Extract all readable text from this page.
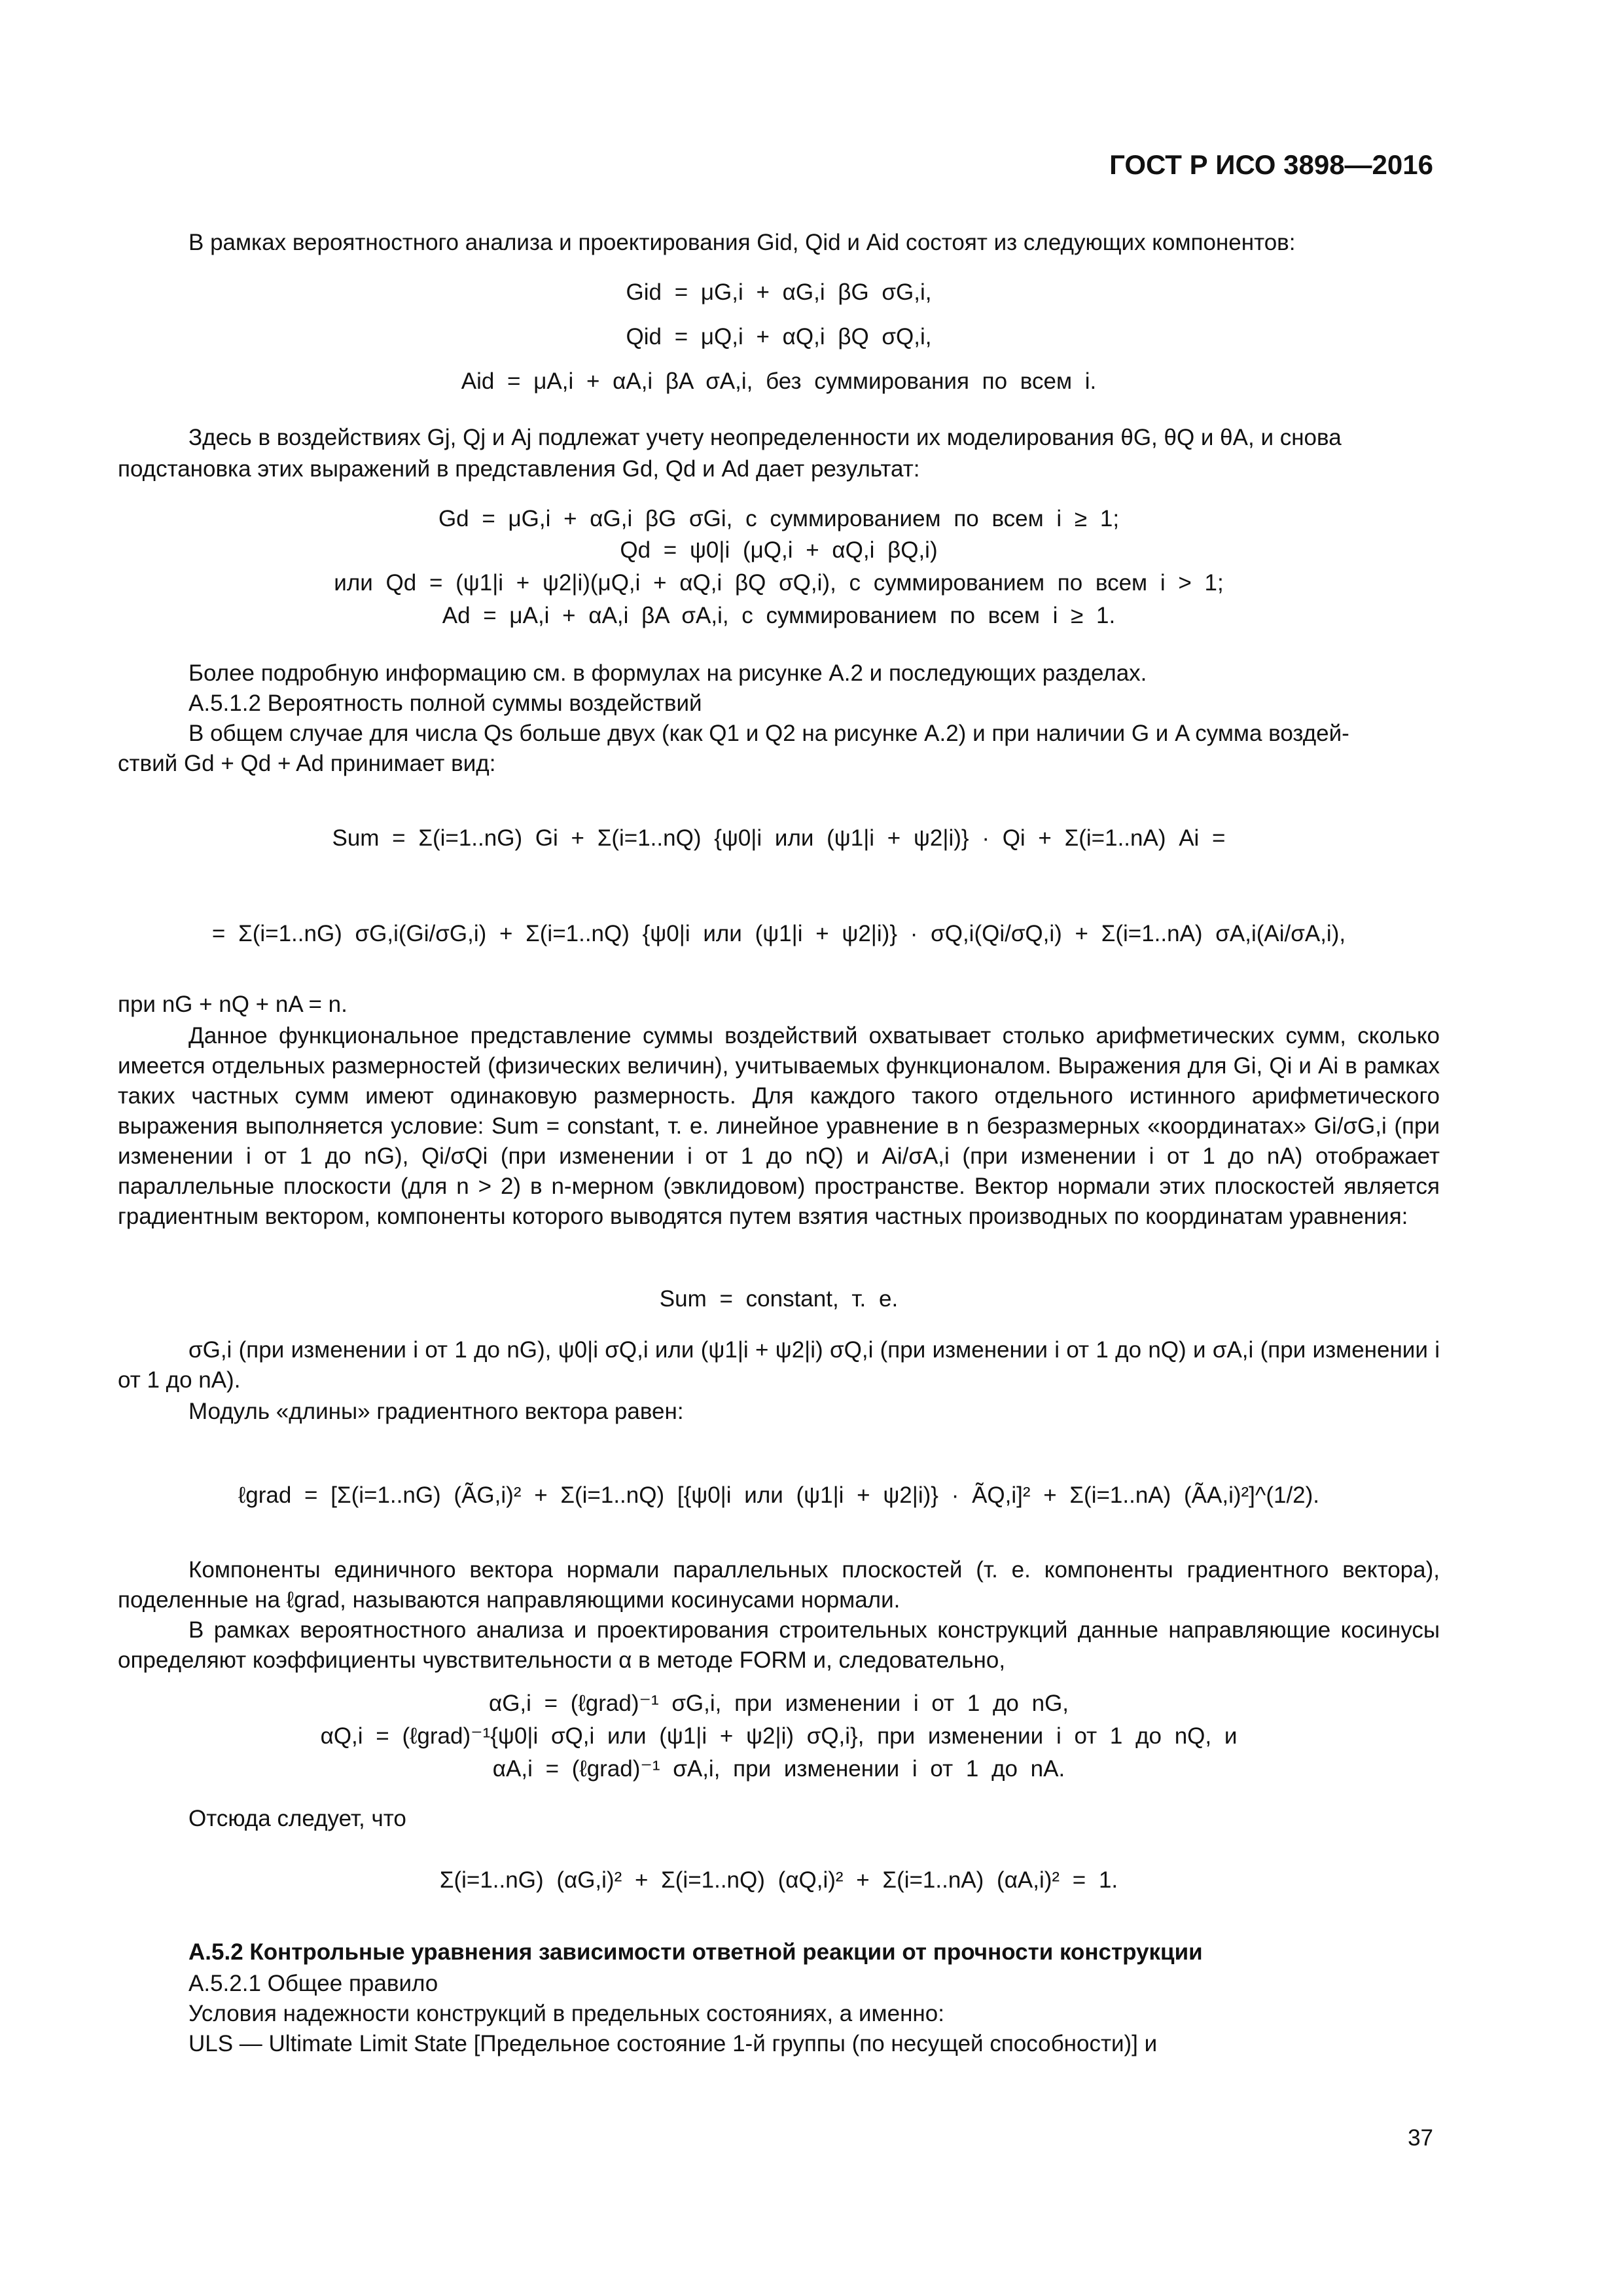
ГОСТ Р ИСО 3898—2016
В рамках вероятностного анализа и проектирования Gid, Qid и Aid состоят из следующих компонентов:
Gid = μG,i + αG,i βG σG,i,
Qid = μQ,i + αQ,i βQ σQ,i,
Aid = μA,i + αA,i βA σA,i, без суммирования по всем i.
Здесь в воздействиях Gj, Qj и Aj подлежат учету неопределенности их моделирования θG, θQ и θA, и снова
подстановка этих выражений в представления Gd, Qd и Ad дает результат:
Gd = μG,i + αG,i βG σGi, с суммированием по всем i ≥ 1;
Qd = ψ0|i (μQ,i + αQ,i βQ,i)
или Qd = (ψ1|i + ψ2|i)(μQ,i + αQ,i βQ σQ,i), с суммированием по всем i > 1;
Ad = μA,i + αA,i βA σA,i, с суммированием по всем i ≥ 1.
Более подробную информацию см. в формулах на рисунке А.2 и последующих разделах.
А.5.1.2 Вероятность полной суммы воздействий
В общем случае для числа Qs больше двух (как Q1 и Q2 на рисунке А.2) и при наличии G и A сумма воздей-
ствий Gd + Qd + Ad принимает вид:
Sum = Σ(i=1..nG) Gi + Σ(i=1..nQ) {ψ0|i или (ψ1|i + ψ2|i)} · Qi + Σ(i=1..nA) Ai =
= Σ(i=1..nG) σG,i(Gi/σG,i) + Σ(i=1..nQ) {ψ0|i или (ψ1|i + ψ2|i)} · σQ,i(Qi/σQ,i) + Σ(i=1..nA) σA,i(Ai/σA,i),
при nG + nQ + nA = n.

Данное функциональное представление суммы воздействий охватывает столько арифметических сумм, сколько имеется отдельных размерностей (физических величин), учитываемых функционалом. Выражения для Gi, Qi и Ai в рамках таких частных сумм имеют одинаковую размерность. Для каждого такого отдельного истинного арифметического выражения выполняется условие: Sum = constant, т. е. линейное уравнение в n безразмерных «координатах» Gi/σG,i (при изменении i от 1 до nG), Qi/σQi (при изменении i от 1 до nQ) и Ai/σA,i (при изменении i от 1 до nA) отображает параллельные плоскости (для n > 2) в n-мерном (эвклидовом) пространстве. Вектор нормали этих плоскостей является градиентным вектором, компоненты которого выводятся путем взятия частных производных по координатам уравнения:

Sum = constant, т. е.

σG,i (при изменении i от 1 до nG), ψ0|i σQ,i или (ψ1|i + ψ2|i) σQ,i (при изменении i от 1 до nQ) и σA,i (при изменении i от 1 до nA).

Модуль «длины» градиентного вектора равен:
ℓgrad = [Σ(i=1..nG) (ÃG,i)² + Σ(i=1..nQ) [{ψ0|i или (ψ1|i + ψ2|i)} · ÃQ,i]² + Σ(i=1..nA) (ÃA,i)²]^(1/2).

Компоненты единичного вектора нормали параллельных плоскостей (т. е. компоненты градиентного вектора), поделенные на ℓgrad, называются направляющими косинусами нормали.

В рамках вероятностного анализа и проектирования строительных конструкций данные направляющие косинусы определяют коэффициенты чувствительности α в методе FORM и, следовательно,

αG,i = (ℓgrad)⁻¹ σG,i, при изменении i от 1 до nG,
αQ,i = (ℓgrad)⁻¹{ψ0|i σQ,i или (ψ1|i + ψ2|i) σQ,i}, при изменении i от 1 до nQ, и
αA,i = (ℓgrad)⁻¹ σA,i, при изменении i от 1 до nA.
Отсюда следует, что
Σ(i=1..nG) (αG,i)² + Σ(i=1..nQ) (αQ,i)² + Σ(i=1..nA) (αA,i)² = 1.
А.5.2 Контрольные уравнения зависимости ответной реакции от прочности конструкции
А.5.2.1 Общее правило
Условия надежности конструкций в предельных состояниях, а именно:
ULS — Ultimate Limit State [Предельное состояние 1-й группы (по несущей способности)] и
37
